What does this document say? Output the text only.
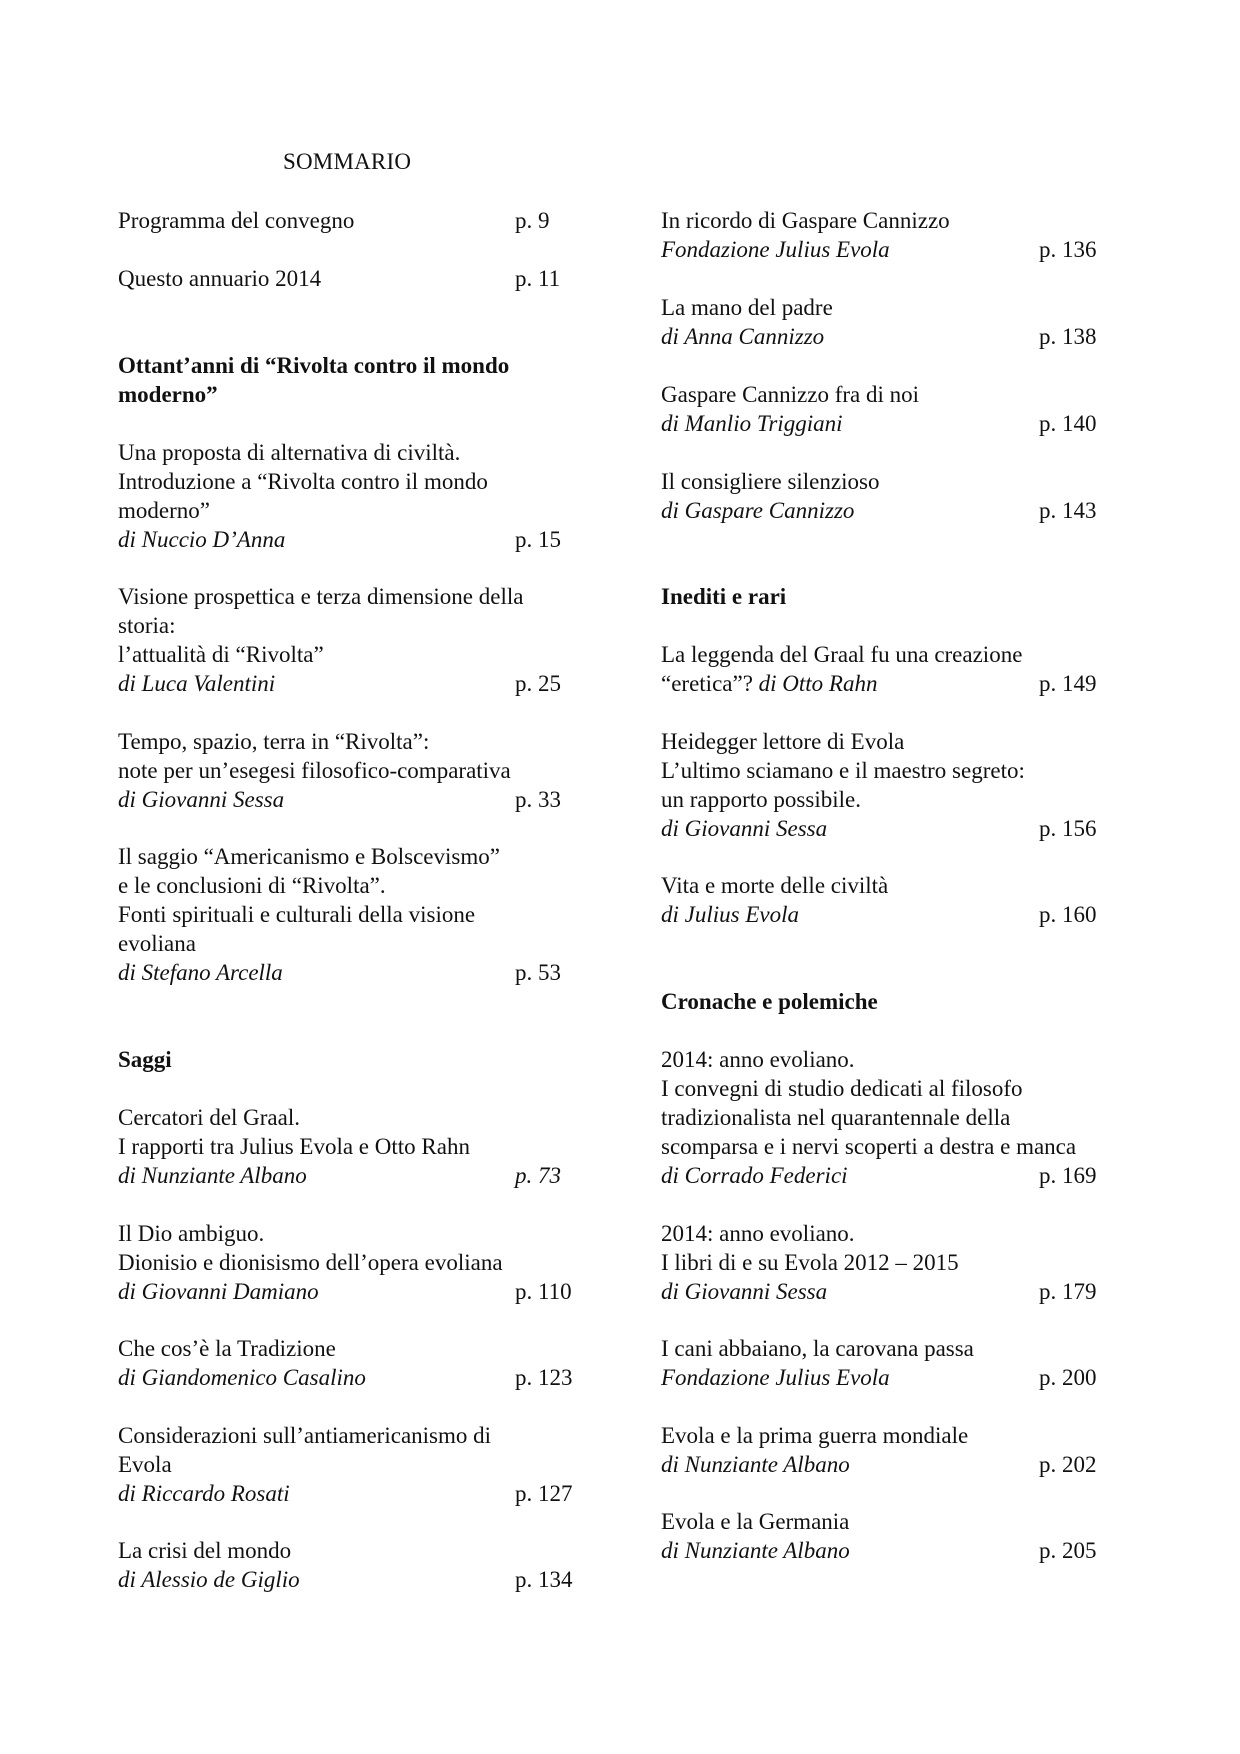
SOMMARIO

Programma del convegno	p. 9

Questo annuario 2014	p. 11

Ottant’anni di “Rivolta contro il mondo

moderno”

Una proposta di alternativa di civiltà.

Introduzione a “Rivolta contro il mondo

moderno”

di Nuccio D’Anna	p. 15

Visione prospettica e terza dimensione della

storia:

l’attualità di “Rivolta”

di Luca Valentini	p. 25

Tempo, spazio, terra in “Rivolta”:

note per un’esegesi filosofico-comparativa

di Giovanni Sessa	p. 33

Il saggio “Americanismo e Bolscevismo”

e le conclusioni di “Rivolta”.

Fonti spirituali e culturali della visione

evoliana

di Stefano Arcella	p. 53

Saggi

Cercatori del Graal.

I rapporti tra Julius Evola e Otto Rahn

di Nunziante Albano	p. 73

Il Dio ambiguo.

Dionisio e dionisismo dell’opera evoliana

di Giovanni Damiano	p. 110

Che cos’è la Tradizione

di Giandomenico Casalino	p. 123

Considerazioni sull’antiamericanismo di

Evola

di Riccardo Rosati	p. 127

La crisi del mondo

di Alessio de Giglio	p. 134

In ricordo di Gaspare Cannizzo

Fondazione Julius Evola	p. 136

La mano del padre

di Anna Cannizzo	p. 138

Gaspare Cannizzo fra di noi

di Manlio Triggiani	p. 140

Il consigliere silenzioso

di Gaspare Cannizzo	p. 143

Inediti e rari

La leggenda del Graal fu una creazione

“eretica”? di Otto Rahn	p. 149

Heidegger lettore di Evola

L’ultimo sciamano e il maestro segreto:

un rapporto possibile.

di Giovanni Sessa	p. 156

Vita e morte delle civiltà

di Julius Evola	p. 160

Cronache e polemiche

2014: anno evoliano.

I convegni di studio dedicati al filosofo

tradizionalista nel quarantennale della

scomparsa e i nervi scoperti a destra e manca

di Corrado Federici	p. 169

2014: anno evoliano.

I libri di e su Evola 2012 – 2015

di Giovanni Sessa	p. 179

I cani abbaiano, la carovana passa

Fondazione Julius Evola	p. 200

Evola e la prima guerra mondiale

di Nunziante Albano	p. 202

Evola e la Germania

di Nunziante Albano	p. 205
